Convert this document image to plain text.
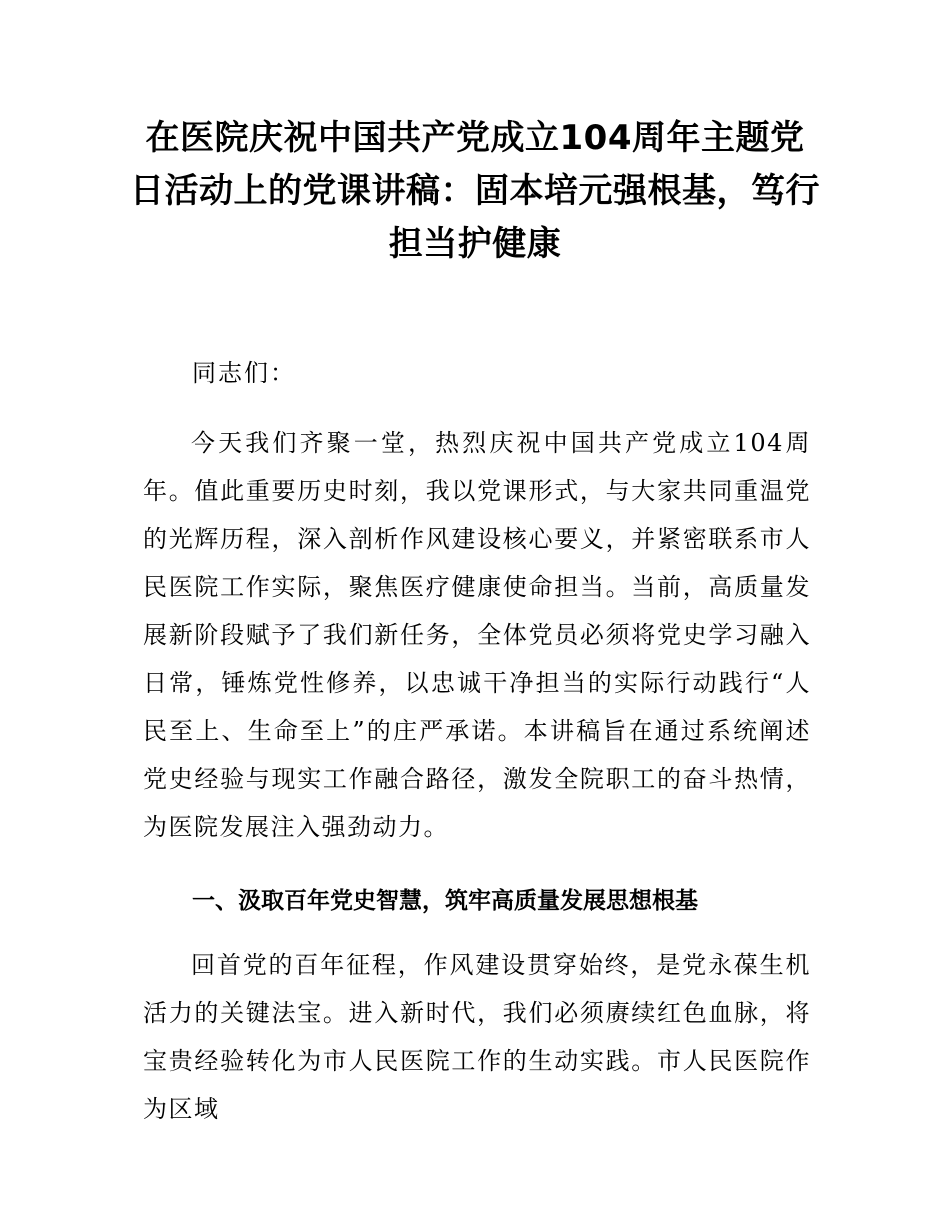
在医院庆祝中国共产党成立104周年主题党日活动上的党课讲稿：固本培元强根基，笃行担当护健康

同志们：

今天我们齐聚一堂，热烈庆祝中国共产党成立104周年。值此重要历史时刻，我以党课形式，与大家共同重温党的光辉历程，深入剖析作风建设核心要义，并紧密联系市人民医院工作实际，聚焦医疗健康使命担当。当前，高质量发展新阶段赋予了我们新任务，全体党员必须将党史学习融入日常，锤炼党性修养，以忠诚干净担当的实际行动践行“人民至上、生命至上”的庄严承诺。本讲稿旨在通过系统阐述党史经验与现实工作融合路径，激发全院职工的奋斗热情，为医院发展注入强劲动力。

一、汲取百年党史智慧，筑牢高质量发展思想根基

回首党的百年征程，作风建设贯穿始终，是党永葆生机活力的关键法宝。进入新时代，我们必须赓续红色血脉，将宝贵经验转化为市人民医院工作的生动实践。市人民医院作为区域
